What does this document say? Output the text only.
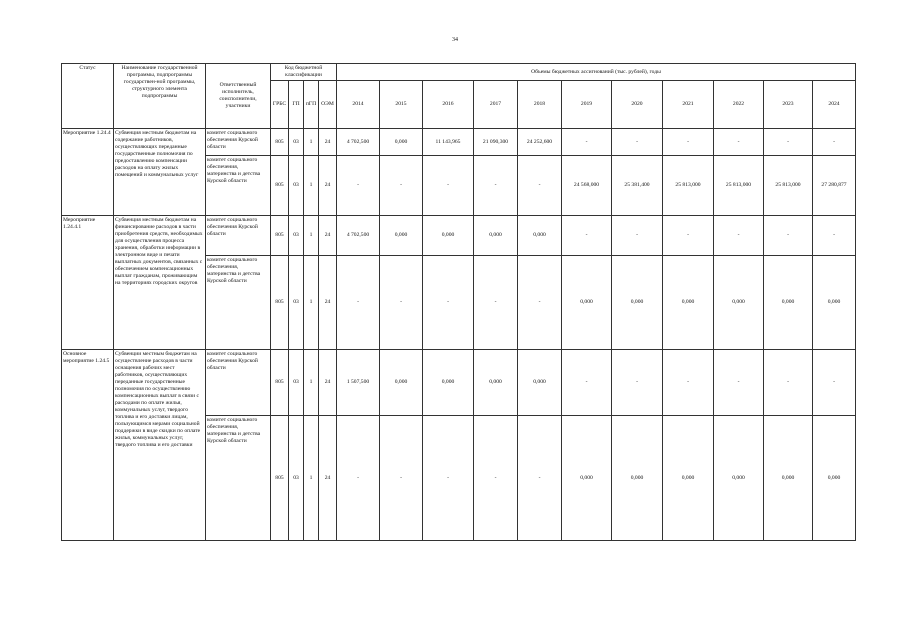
34
Статус	Наименование государственной программы, подпрограммы государствен-ной программы, структурного элемента подпрограммы	Ответственный исполнитель, соисполнители, участники	Код бюджетной классификации				Объемы бюджетных ассигнований (тыс. рублей), годы										
			ГРБС	ГП	пГП	ОЭМ	2014	2015	2016	2017	2018	2019	2020	2021	2022	2023	2024
Мероприятие 1.24.4	Субвенция местным бюджетам на содержание работников, осуществляющих переданные государственные полномочия по предоставлению компенсации расходов на оплату жилых помещений и коммунальных услуг	комитет социального обеспечения Курской области	805	03	1	24	4 702,500	0,000	11 143,965	21 090,300	24 252,600	-	-	-	-	-	-
		комитет социального обеспечения, материнства и детства Курской области	805	03	1	24	-	-	-	-	-	24 568,000	25 381,400	25 813,000	25 813,000	25 813,000	27 280,877
Мероприятие 1.24.4.1	Субвенция местным бюджетам на финансирование расходов в части приобретения средств, необходимых для осуществления процесса хранения, обработки информации в электронном виде и печати выплатных документов, связанных с обеспечением компенсационных выплат гражданам, проживающим на территориях городских округов	комитет социального обеспечения Курской области	805	03	1	24	4 702,500	0,000	0,000	0,000	0,000	-	-	-	-	-	-
		комитет социального обеспечения, материнства и детства Курской области	805	03	1	24	-	-	-	-	-	0,000	0,000	0,000	0,000	0,000	0,000
Основное мероприятие 1.24.5	Субвенции местным бюджетам на осуществление расходов в части оснащения рабочих мест работников, осуществляющих переданные государственные полномочия по осуществлению компенсационных выплат в связи с расходами по оплате жилья, коммунальных услуг, твердого топлива и его доставки лицам, пользующимся мерами социальной поддержки в виде скидки по оплате жилья, коммунальных услуг, твердого топлива и его доставки	комитет социального обеспечения Курской области	805	03	1	24	1 507,500	0,000	0,000	0,000	0,000	-	-	-	-	-	-
		комитет социального обеспечения, материнства и детства Курской области	805	03	1	24	-	-	-	-	-	0,000	0,000	0,000	0,000	0,000	0,000
